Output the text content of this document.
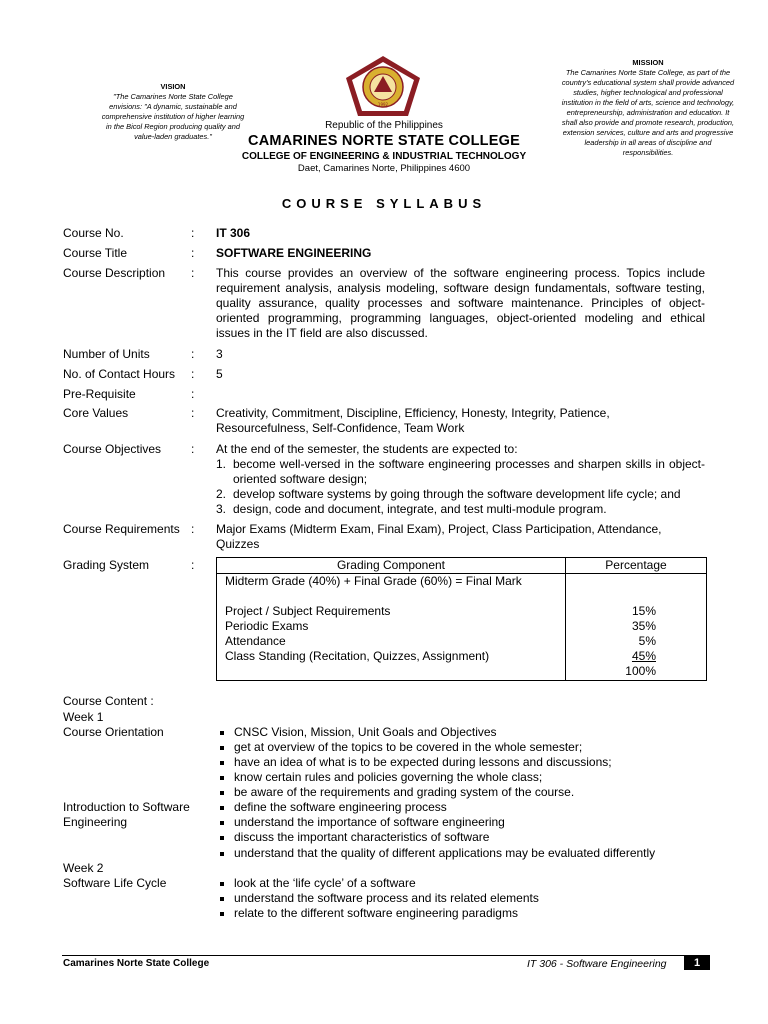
VISION
"The Camarines Norte State College envisions: "A dynamic, sustainable and comprehensive institution of higher learning in the Bicol Region producing quality and value-laden graduates."
1992
Republic of the Philippines
CAMARINES NORTE STATE COLLEGE
COLLEGE OF ENGINEERING & INDUSTRIAL TECHNOLOGY
Daet, Camarines Norte, Philippines 4600
MISSION
The Camarines Norte State College, as part of the country's educational system shall provide advanced studies, higher technological and professional institution in the field of arts, science and technology, entrepreneurship, administration and education. It shall also provide and promote research, production, extension services, culture and arts and progressive leadership in all areas of discipline and responsibilities.
COURSE SYLLABUS
Course No.	: IT 306
Course Title	: SOFTWARE ENGINEERING
Course Description	: This course provides an overview of the software engineering process. Topics include requirement analysis, analysis modeling, software design fundamentals, software testing, quality assurance, quality processes and software maintenance. Principles of object-oriented programming, programming languages, object-oriented modeling and ethical issues in the IT field are also discussed.
Number of Units	: 3
No. of Contact Hours	: 5
Pre-Requisite	:
Core Values	: Creativity, Commitment, Discipline, Efficiency, Honesty, Integrity, Patience, Resourcefulness, Self-Confidence, Team Work
Course Objectives	: At the end of the semester, the students are expected to:
1. become well-versed in the software engineering processes and sharpen skills in object-oriented software design;
2. develop software systems by going through the software development life cycle; and
3. design, code and document, integrate, and test multi-module program.
Course Requirements : Major Exams (Midterm Exam, Final Exam), Project, Class Participation, Attendance, Quizzes
Grading System	:	Grading Component	Percentage
Midterm Grade (40%) + Final Grade (60%) = Final Mark	

Project / Subject Requirements	15%
Periodic Exams	35%
Attendance	5%
Class Standing (Recitation, Quizzes, Assignment)	45%
	100%
Course Content :
Week 1
Course Orientation	CNSC Vision, Mission, Unit Goals and Objectives
get at overview of the topics to be covered in the whole semester;
have an idea of what is to be expected during lessons and discussions;
know certain rules and policies governing the whole class;
be aware of the requirements and grading system of the course.
Introduction to Software
Engineering
define the software engineering process
understand the importance of software engineering
discuss the important characteristics of software
understand that the quality of different applications may be evaluated differently
Week 2
Software Life Cycle	look at the ‘life cycle’ of a software
understand the software process and its related elements
relate to the different software engineering paradigms
Camarines Norte State College	IT 306 - Software Engineering	1
